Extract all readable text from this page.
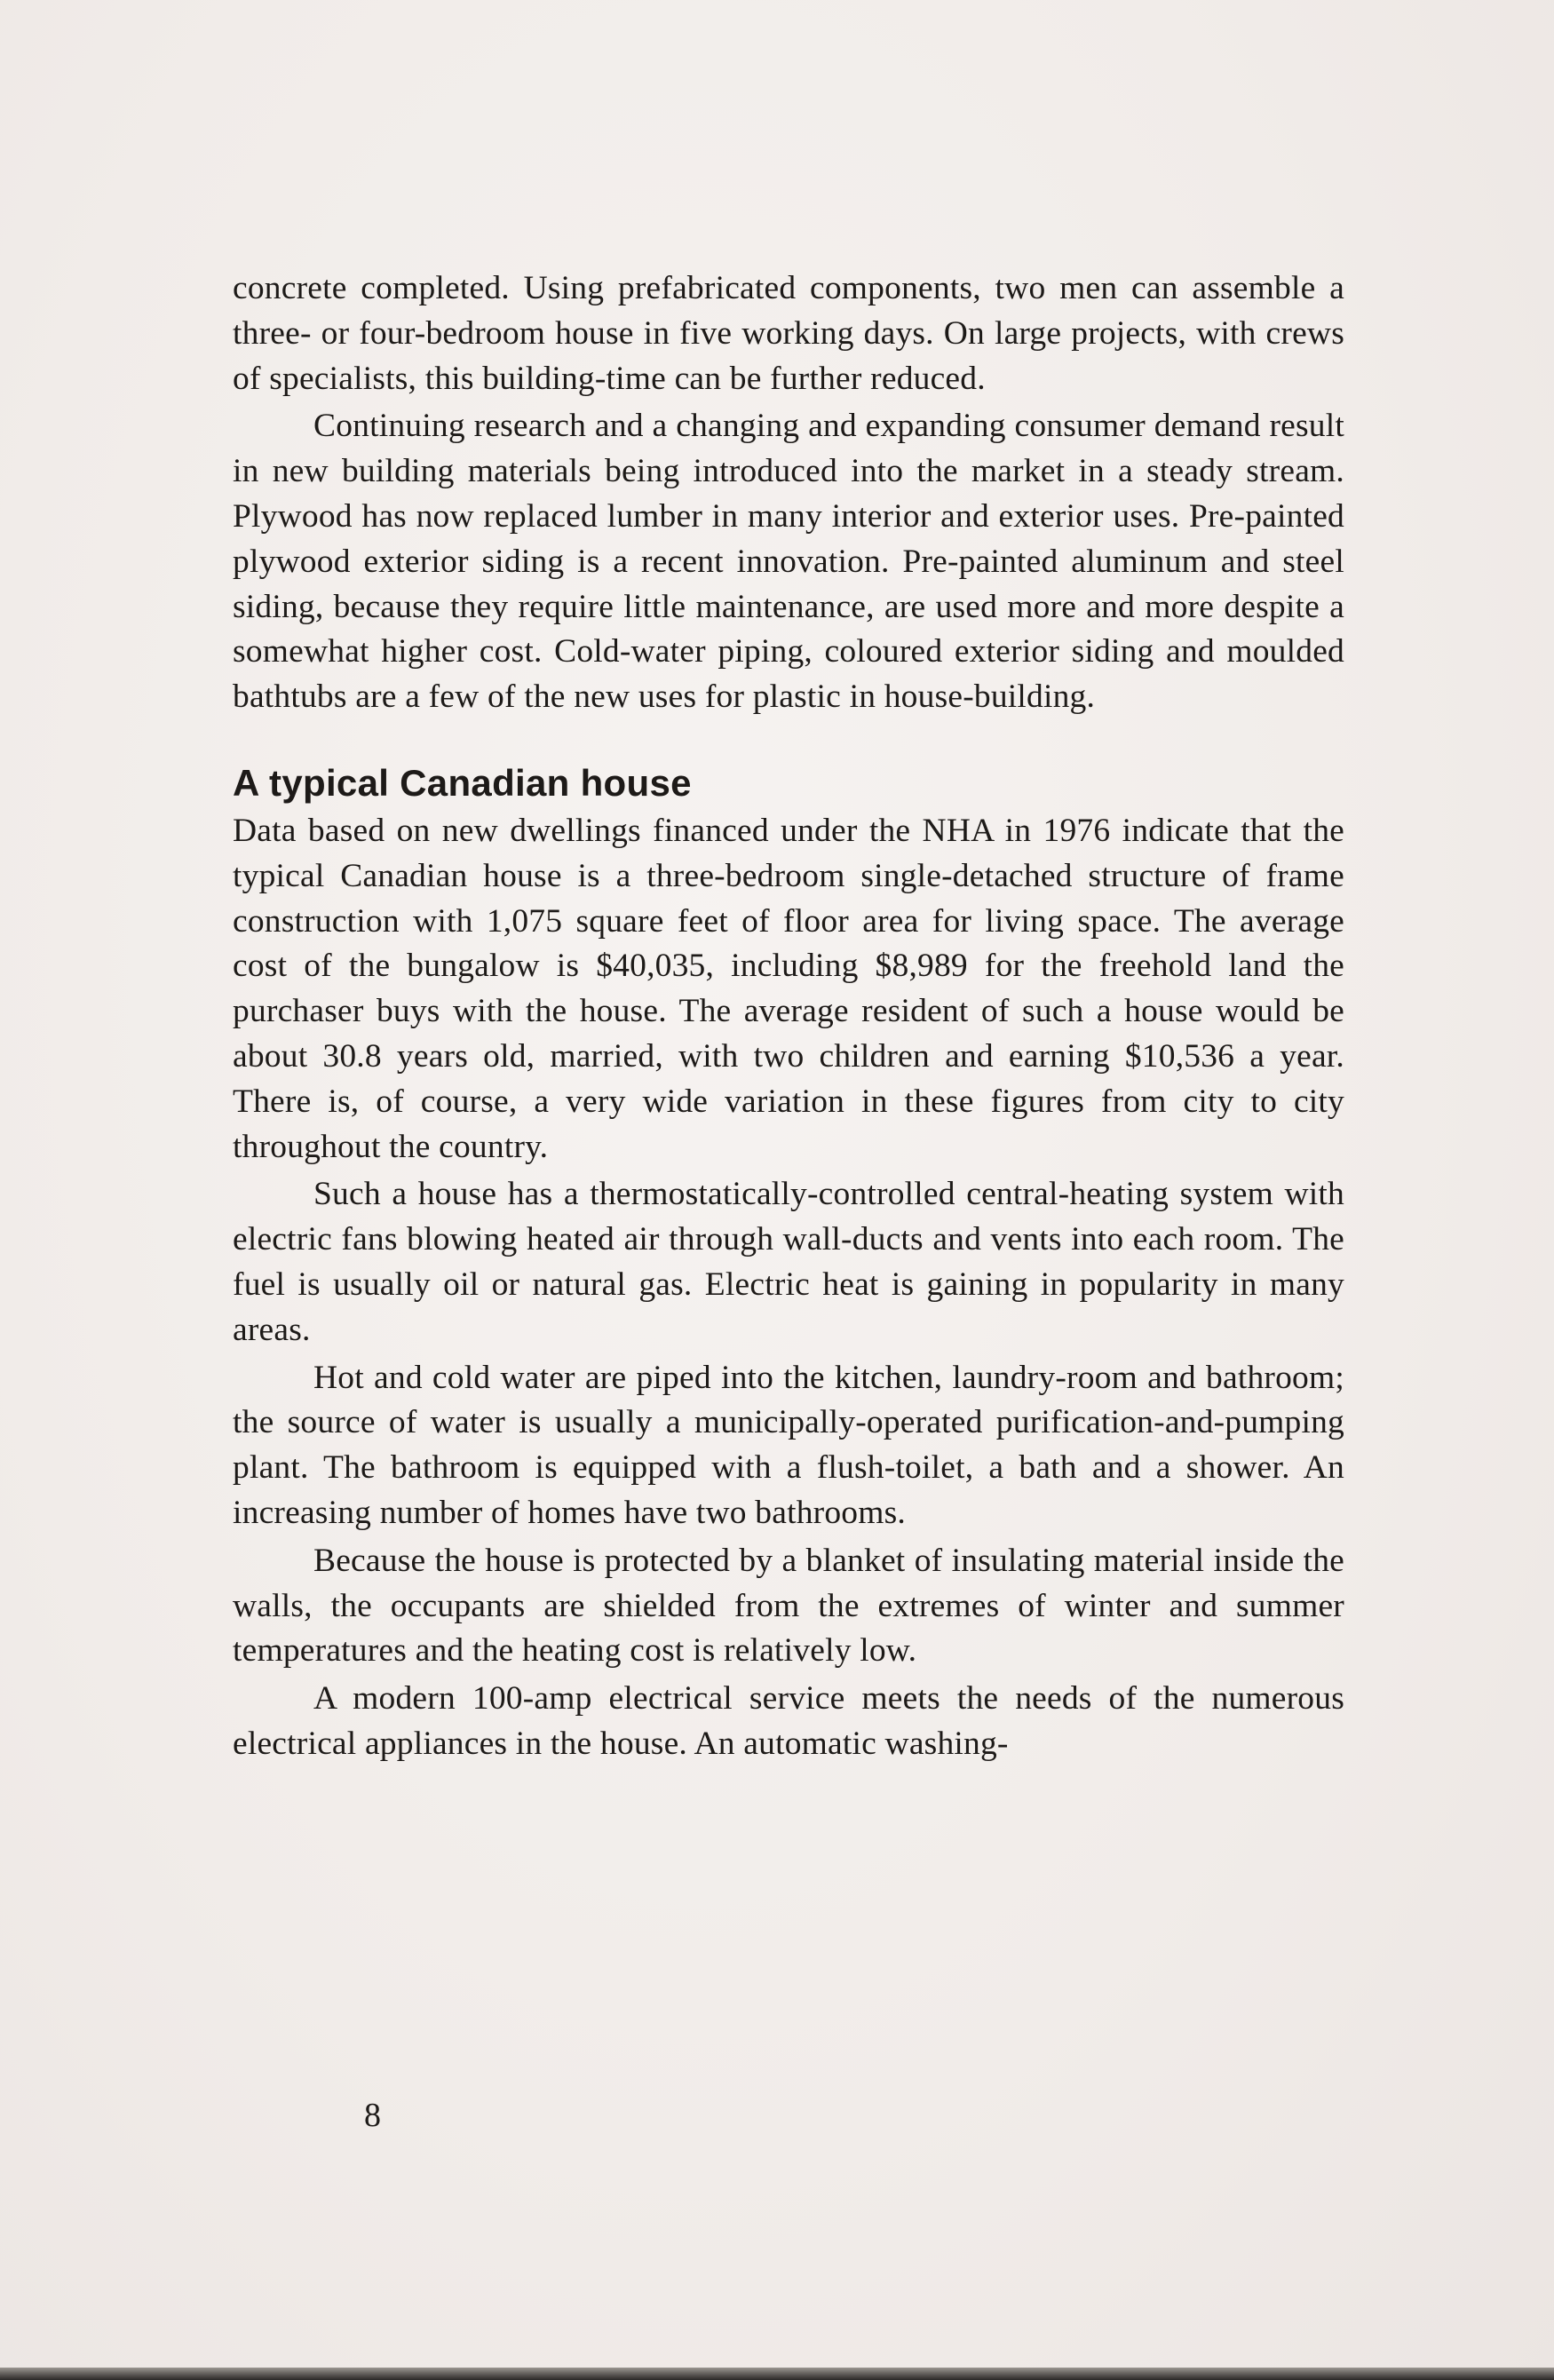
concrete completed. Using prefabricated components, two men can assemble a three- or four-bedroom house in five working days. On large projects, with crews of specialists, this building-time can be further reduced.

Continuing research and a changing and expanding consumer demand result in new building materials being introduced into the market in a steady stream. Plywood has now replaced lumber in many interior and exterior uses. Pre-painted plywood exterior siding is a recent innovation. Pre-painted aluminum and steel siding, because they require little maintenance, are used more and more despite a somewhat higher cost. Cold-water piping, coloured exterior siding and moulded bathtubs are a few of the new uses for plastic in house-building.

A typical Canadian house

Data based on new dwellings financed under the NHA in 1976 indicate that the typical Canadian house is a three-bedroom single-detached structure of frame construction with 1,075 square feet of floor area for living space. The average cost of the bungalow is $40,035, including $8,989 for the freehold land the purchaser buys with the house. The average resident of such a house would be about 30.8 years old, married, with two children and earning $10,536 a year. There is, of course, a very wide variation in these figures from city to city throughout the country.

Such a house has a thermostatically-controlled central-heating system with electric fans blowing heated air through wall-ducts and vents into each room. The fuel is usually oil or natural gas. Electric heat is gaining in popularity in many areas.

Hot and cold water are piped into the kitchen, laundry-room and bathroom; the source of water is usually a municipally-operated purification-and-pumping plant. The bathroom is equipped with a flush-toilet, a bath and a shower. An increasing number of homes have two bathrooms.

Because the house is protected by a blanket of insulating material inside the walls, the occupants are shielded from the extremes of winter and summer temperatures and the heating cost is relatively low.

A modern 100-amp electrical service meets the needs of the numerous electrical appliances in the house. An automatic washing-

8
